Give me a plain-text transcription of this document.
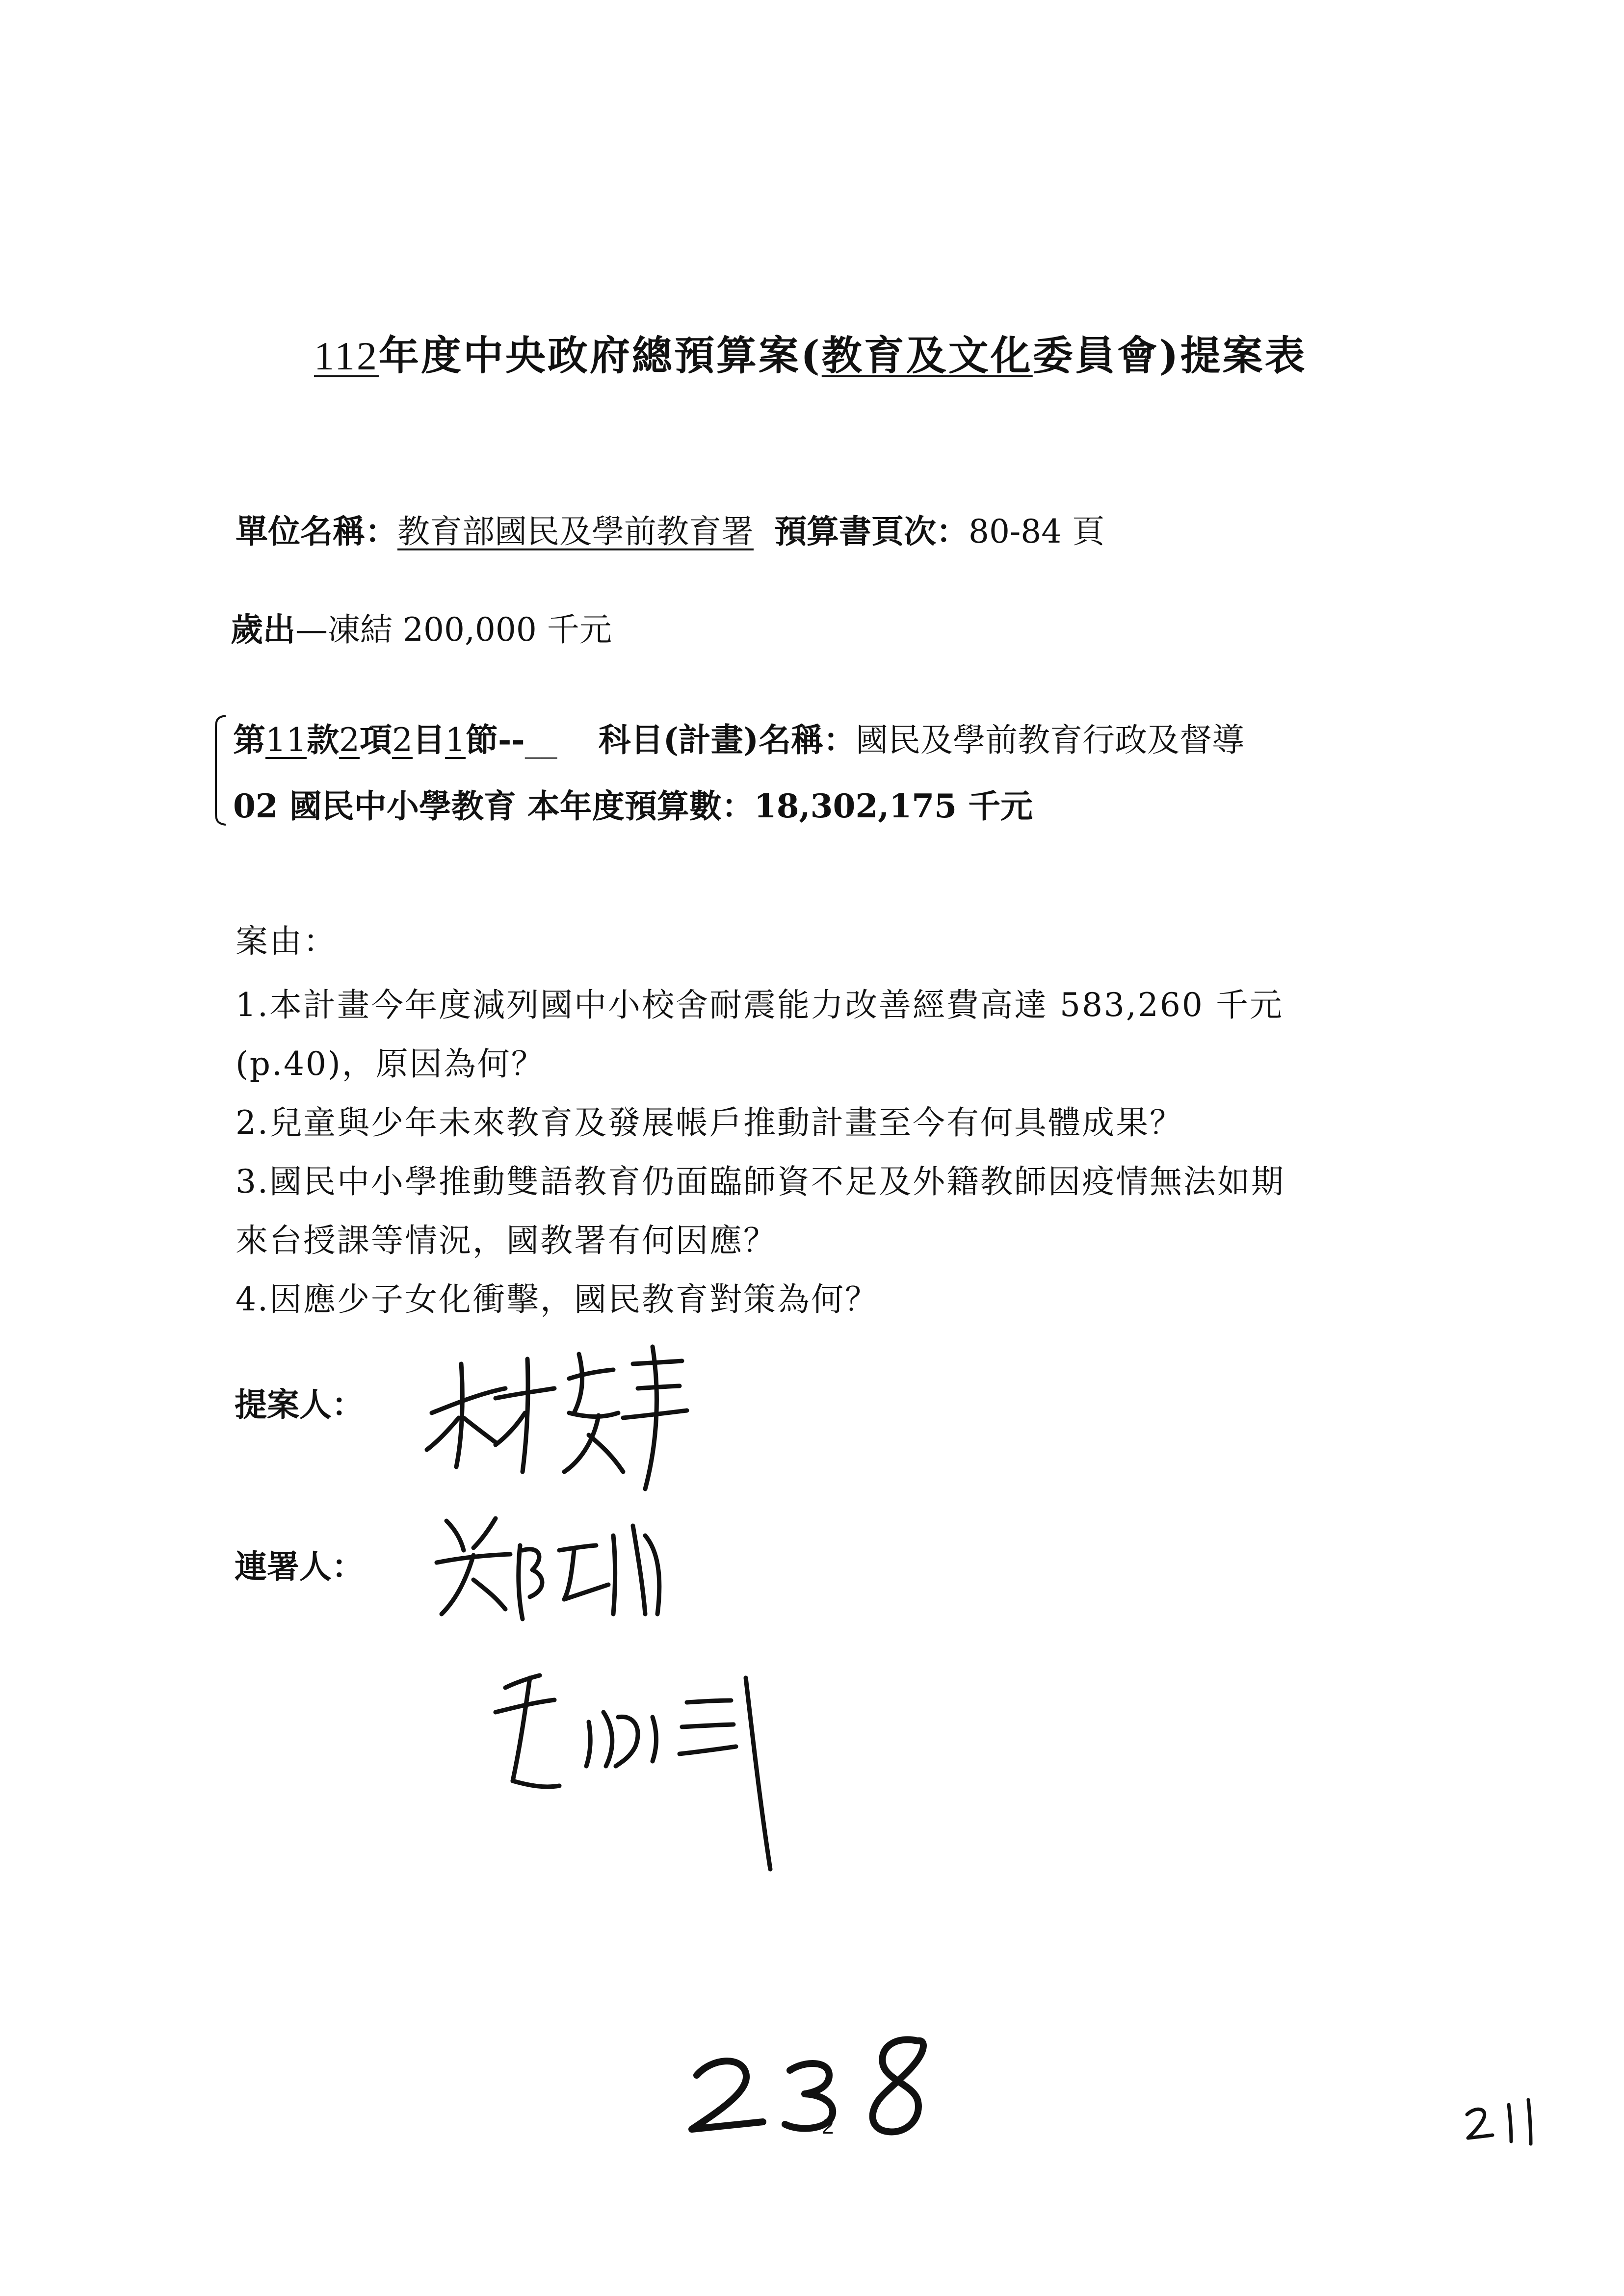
112年度中央政府總預算案(教育及文化委員會)提案表
單位名稱：教育部國民及學前教育署 預算書頁次：80-84 頁
歲出—凍結 200,000 千元
第11款2項2目1節--__ 科目(計畫)名稱：國民及學前教育行政及督導
02 國民中小學教育 本年度預算數：18,302,175 千元
案由：
1.本計畫今年度減列國中小校舍耐震能力改善經費高達 583,260 千元
(p.40)，原因為何？
2.兒童與少年未來教育及發展帳戶推動計畫至今有何具體成果？
3.國民中小學推動雙語教育仍面臨師資不足及外籍教師因疫情無法如期
來台授課等情況，國教署有何因應？
4.因應少子女化衝擊，國民教育對策為何？
提案人：
連署人：
2
